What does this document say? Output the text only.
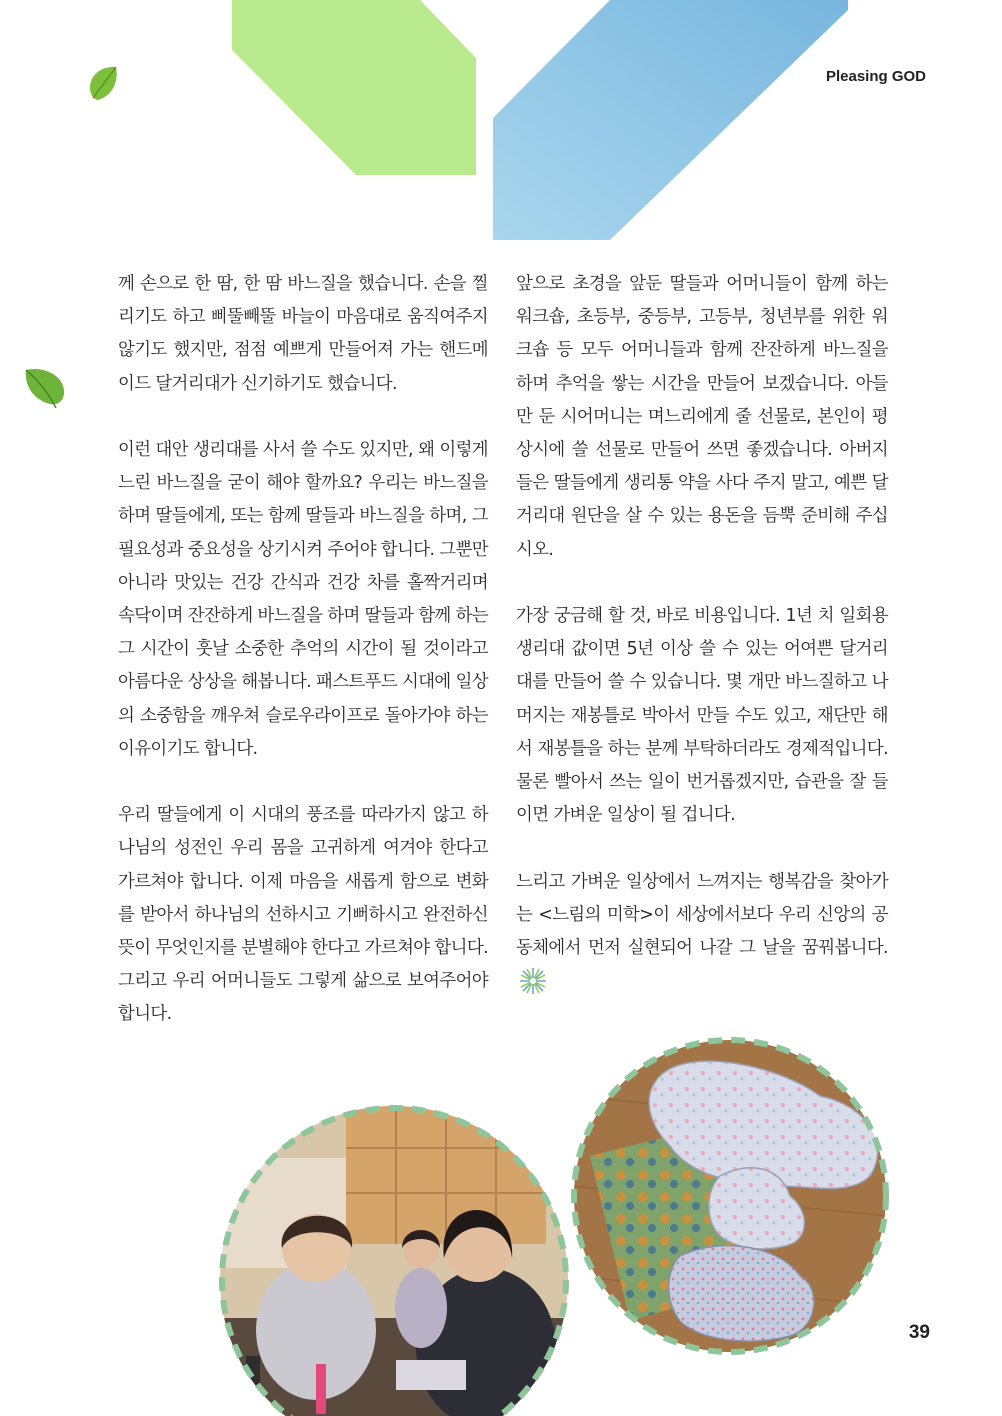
Pleasing GOD

께 손으로 한 땀, 한 땀 바느질을 했습니다. 손을 찔리기도 하고 삐뚤빼뚤 바늘이 마음대로 움직여주지 않기도 했지만, 점점 예쁘게 만들어져 가는 핸드메이드 달거리대가 신기하기도 했습니다.

이런 대안 생리대를 사서 쓸 수도 있지만, 왜 이렇게 느린 바느질을 굳이 해야 할까요? 우리는 바느질을 하며 딸들에게, 또는 함께 딸들과 바느질을 하며, 그 필요성과 중요성을 상기시켜 주어야 합니다. 그뿐만 아니라 맛있는 건강 간식과 건강 차를 홀짝거리며 속닥이며 잔잔하게 바느질을 하며 딸들과 함께 하는 그 시간이 훗날 소중한 추억의 시간이 될 것이라고 아름다운 상상을 해봅니다. 패스트푸드 시대에 일상의 소중함을 깨우쳐 슬로우라이프로 돌아가야 하는 이유이기도 합니다.

우리 딸들에게 이 시대의 풍조를 따라가지 않고 하나님의 성전인 우리 몸을 고귀하게 여겨야 한다고 가르쳐야 합니다. 이제 마음을 새롭게 함으로 변화를 받아서 하나님의 선하시고 기뻐하시고 완전하신 뜻이 무엇인지를 분별해야 한다고 가르쳐야 합니다. 그리고 우리 어머니들도 그렇게 삶으로 보여주어야 합니다.

앞으로 초경을 앞둔 딸들과 어머니들이 함께 하는 워크숍, 초등부, 중등부, 고등부, 청년부를 위한 워크숍 등 모두 어머니들과 함께 잔잔하게 바느질을 하며 추억을 쌓는 시간을 만들어 보겠습니다. 아들만 둔 시어머니는 며느리에게 줄 선물로, 본인이 평상시에 쓸 선물로 만들어 쓰면 좋겠습니다. 아버지들은 딸들에게 생리통 약을 사다 주지 말고, 예쁜 달거리대 원단을 살 수 있는 용돈을 듬뿍 준비해 주십시오.

가장 궁금해 할 것, 바로 비용입니다. 1년 치 일회용 생리대 값이면 5년 이상 쓸 수 있는 어여쁜 달거리대를 만들어 쓸 수 있습니다. 몇 개만 바느질하고 나머지는 재봉틀로 박아서 만들 수도 있고, 재단만 해서 재봉틀을 하는 분께 부탁하더라도 경제적입니다. 물론 빨아서 쓰는 일이 번거롭겠지만, 습관을 잘 들이면 가벼운 일상이 될 겁니다.

느리고 가벼운 일상에서 느껴지는 행복감을 찾아가는 <느림의 미학>이 세상에서보다 우리 신앙의 공동체에서 먼저 실현되어 나갈 그 날을 꿈꿔봅니다.

39
